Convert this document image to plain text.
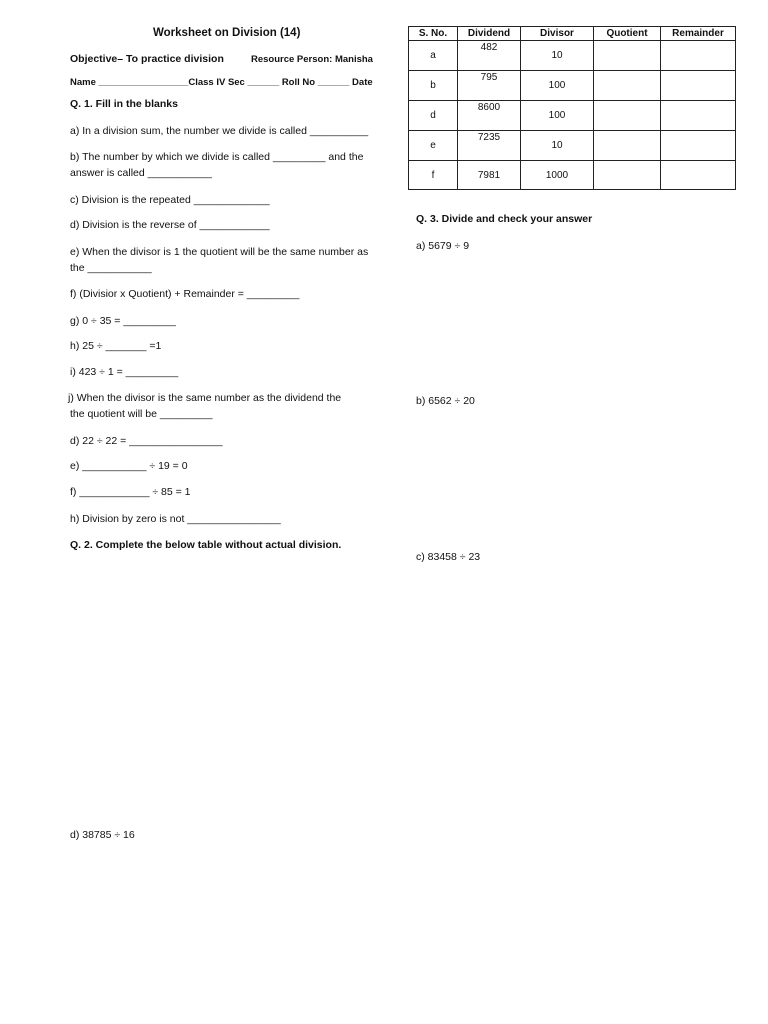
Worksheet on Division (14)
Objective– To practice division	Resource Person: Manisha
Name _________________Class IV Sec ______ Roll No ______ Date
Q. 1. Fill in the blanks
a) In a division sum, the number we divide is called __________
b) The number by which we divide is called _________ and the
answer is called ___________
c) Division is the repeated _____________
d) Division is the reverse of ____________
e) When the divisor is 1 the quotient will be the same number as
the ___________
f) (Divisior x Quotient) + Remainder = _________
g) 0 ÷ 35 = _________
h) 25 ÷ _______ =1
i) 423 ÷ 1 = _________
j) When the divisor is the same number as the dividend the
the quotient will be _________
d) 22 ÷ 22 = ________________
e) ___________ ÷ 19 = 0
f) ____________ ÷ 85 = 1
h) Division by zero is not ________________
Q. 2. Complete the below table without actual division.
S. No.	Dividend	Divisor	Quotient	Remainder
a	482	10		
b	795	100		
d	8600	100		
e	7235	10		
f	7981	1000		
Q. 3. Divide and check your answer
a) 5679 ÷ 9
b) 6562 ÷ 20
c) 83458 ÷ 23
d) 38785 ÷ 16
